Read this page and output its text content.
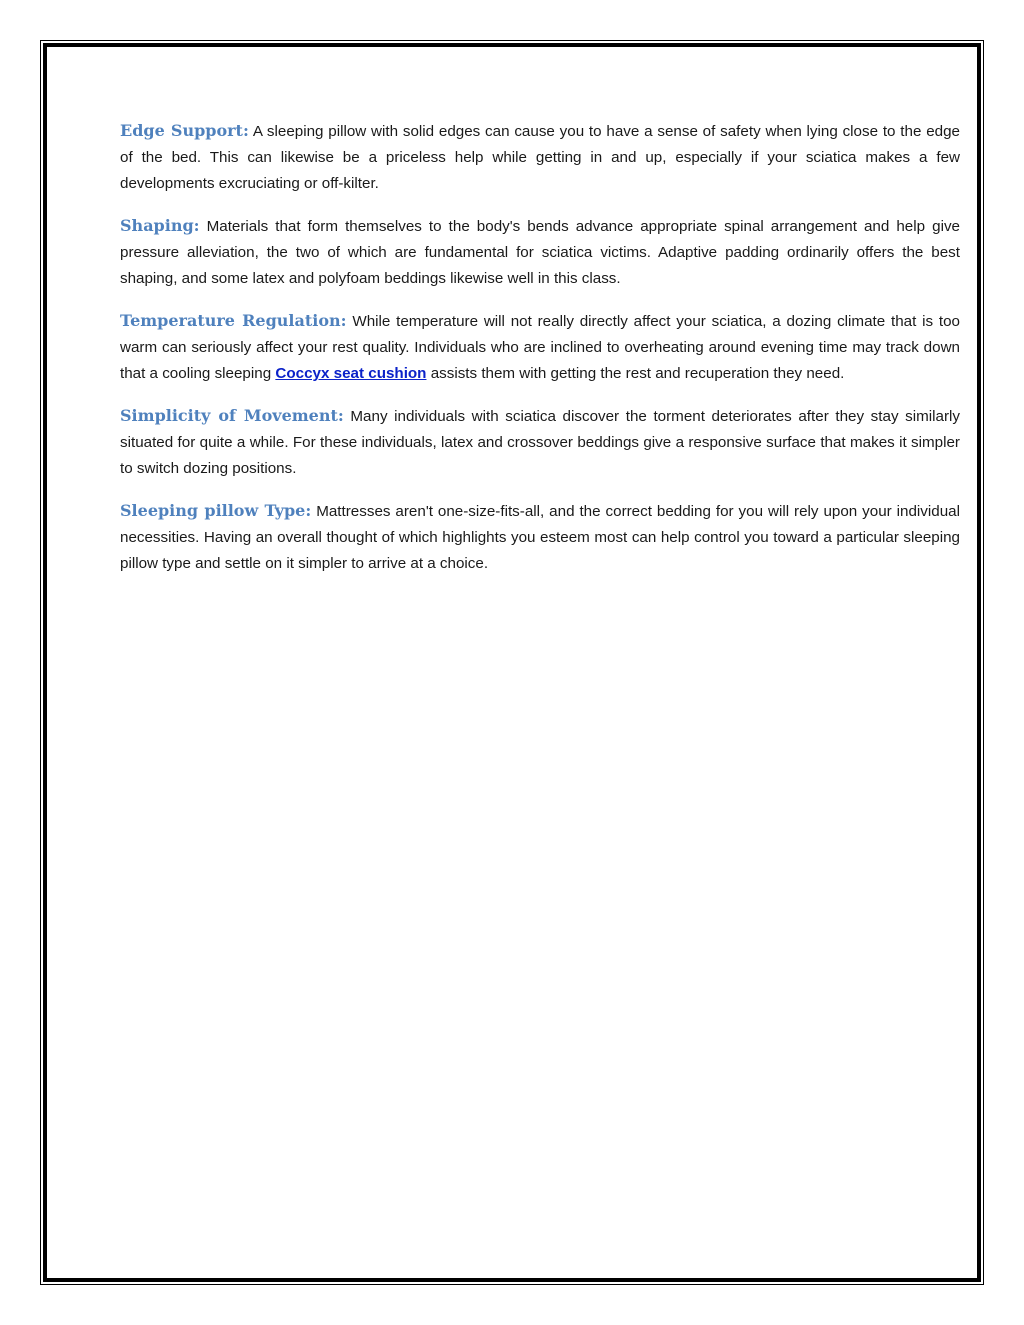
Edge Support: A sleeping pillow with solid edges can cause you to have a sense of safety when lying close to the edge of the bed. This can likewise be a priceless help while getting in and up, especially if your sciatica makes a few developments excruciating or off-kilter.

Shaping: Materials that form themselves to the body's bends advance appropriate spinal arrangement and help give pressure alleviation, the two of which are fundamental for sciatica victims. Adaptive padding ordinarily offers the best shaping, and some latex and polyfoam beddings likewise well in this class.

Temperature Regulation: While temperature will not really directly affect your sciatica, a dozing climate that is too warm can seriously affect your rest quality. Individuals who are inclined to overheating around evening time may track down that a cooling sleeping Coccyx seat cushion assists them with getting the rest and recuperation they need.

Simplicity of Movement: Many individuals with sciatica discover the torment deteriorates after they stay similarly situated for quite a while. For these individuals, latex and crossover beddings give a responsive surface that makes it simpler to switch dozing positions.

Sleeping pillow Type: Mattresses aren't one-size-fits-all, and the correct bedding for you will rely upon your individual necessities. Having an overall thought of which highlights you esteem most can help control you toward a particular sleeping pillow type and settle on it simpler to arrive at a choice.
